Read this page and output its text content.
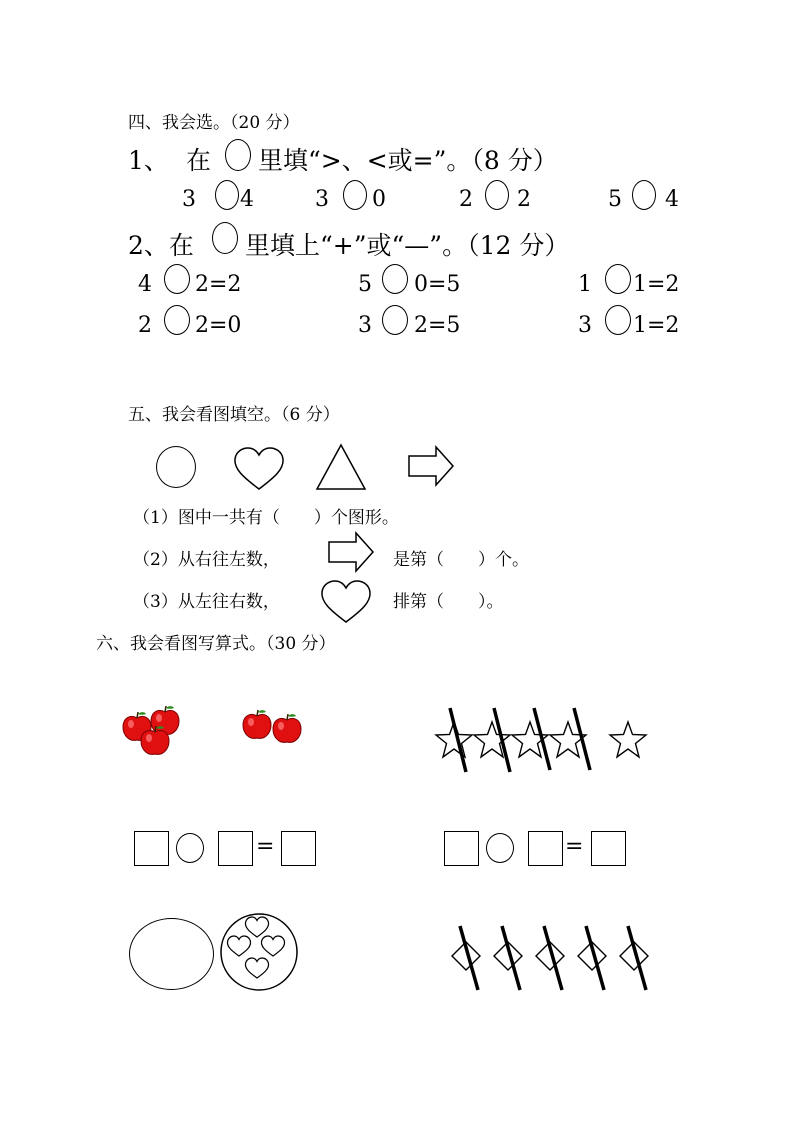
四、我会选。（20 分）
1、 在 里填“>、<或=”。（8 分）
3 4	3 0	2 2	5 4
2、在 里填上“+”或“—”。（12 分）
4 2=2	5 0=5	1 1=2
2 2=0	3 2=5	3 1=2
五、我会看图填空。（6 分）
（1）图中一共有（　　）个图形。
（2）从右往左数，	是第（　　）个。
（3）从左往右数，	排第（　　）。
六、我会看图写算式。（30 分）
=	=
